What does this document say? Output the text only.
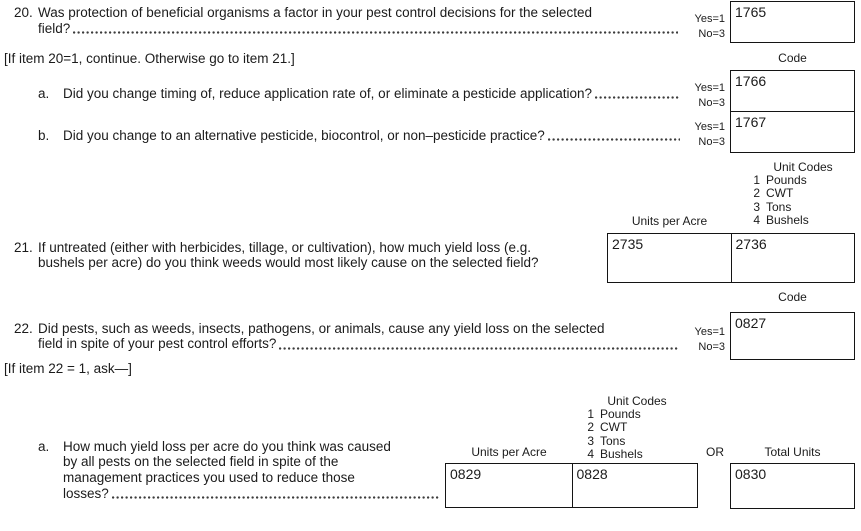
20. Was protection of beneficial organisms a factor in your pest control decisions for the selected
field?
Yes=1
No=3
1765
[If item 20=1, continue. Otherwise go to item 21.]	Code
a.	Did you change timing of, reduce application rate of, or eliminate a pesticide application?	Yes=1
No=3
1766
b.	Did you change to an alternative pesticide, biocontrol, or non–pesticide practice?
Yes=1
No=3
1767
Unit Codes
1 Pounds
2 CWT
3 Tons
4 Bushels
Units per Acre
21. If untreated (either with herbicides, tillage, or cultivation), how much yield loss (e.g.
bushels per acre) do you think weeds would most likely cause on the selected field?
2735	2736
Code
22. Did pests, such as weeds, insects, pathogens, or animals, cause any yield loss on the selected
field in spite of your pest control efforts?
Yes=1
No=3
0827
[If item 22 = 1, ask—]
Unit Codes
1 Pounds
2 CWT
3 Tons
4 Bushels
Units per Acre	OR	Total Units
a.	How much yield loss per acre do you think was caused
by all pests on the selected field in spite of the
management practices you used to reduce those
losses?
0829	0828	0830
